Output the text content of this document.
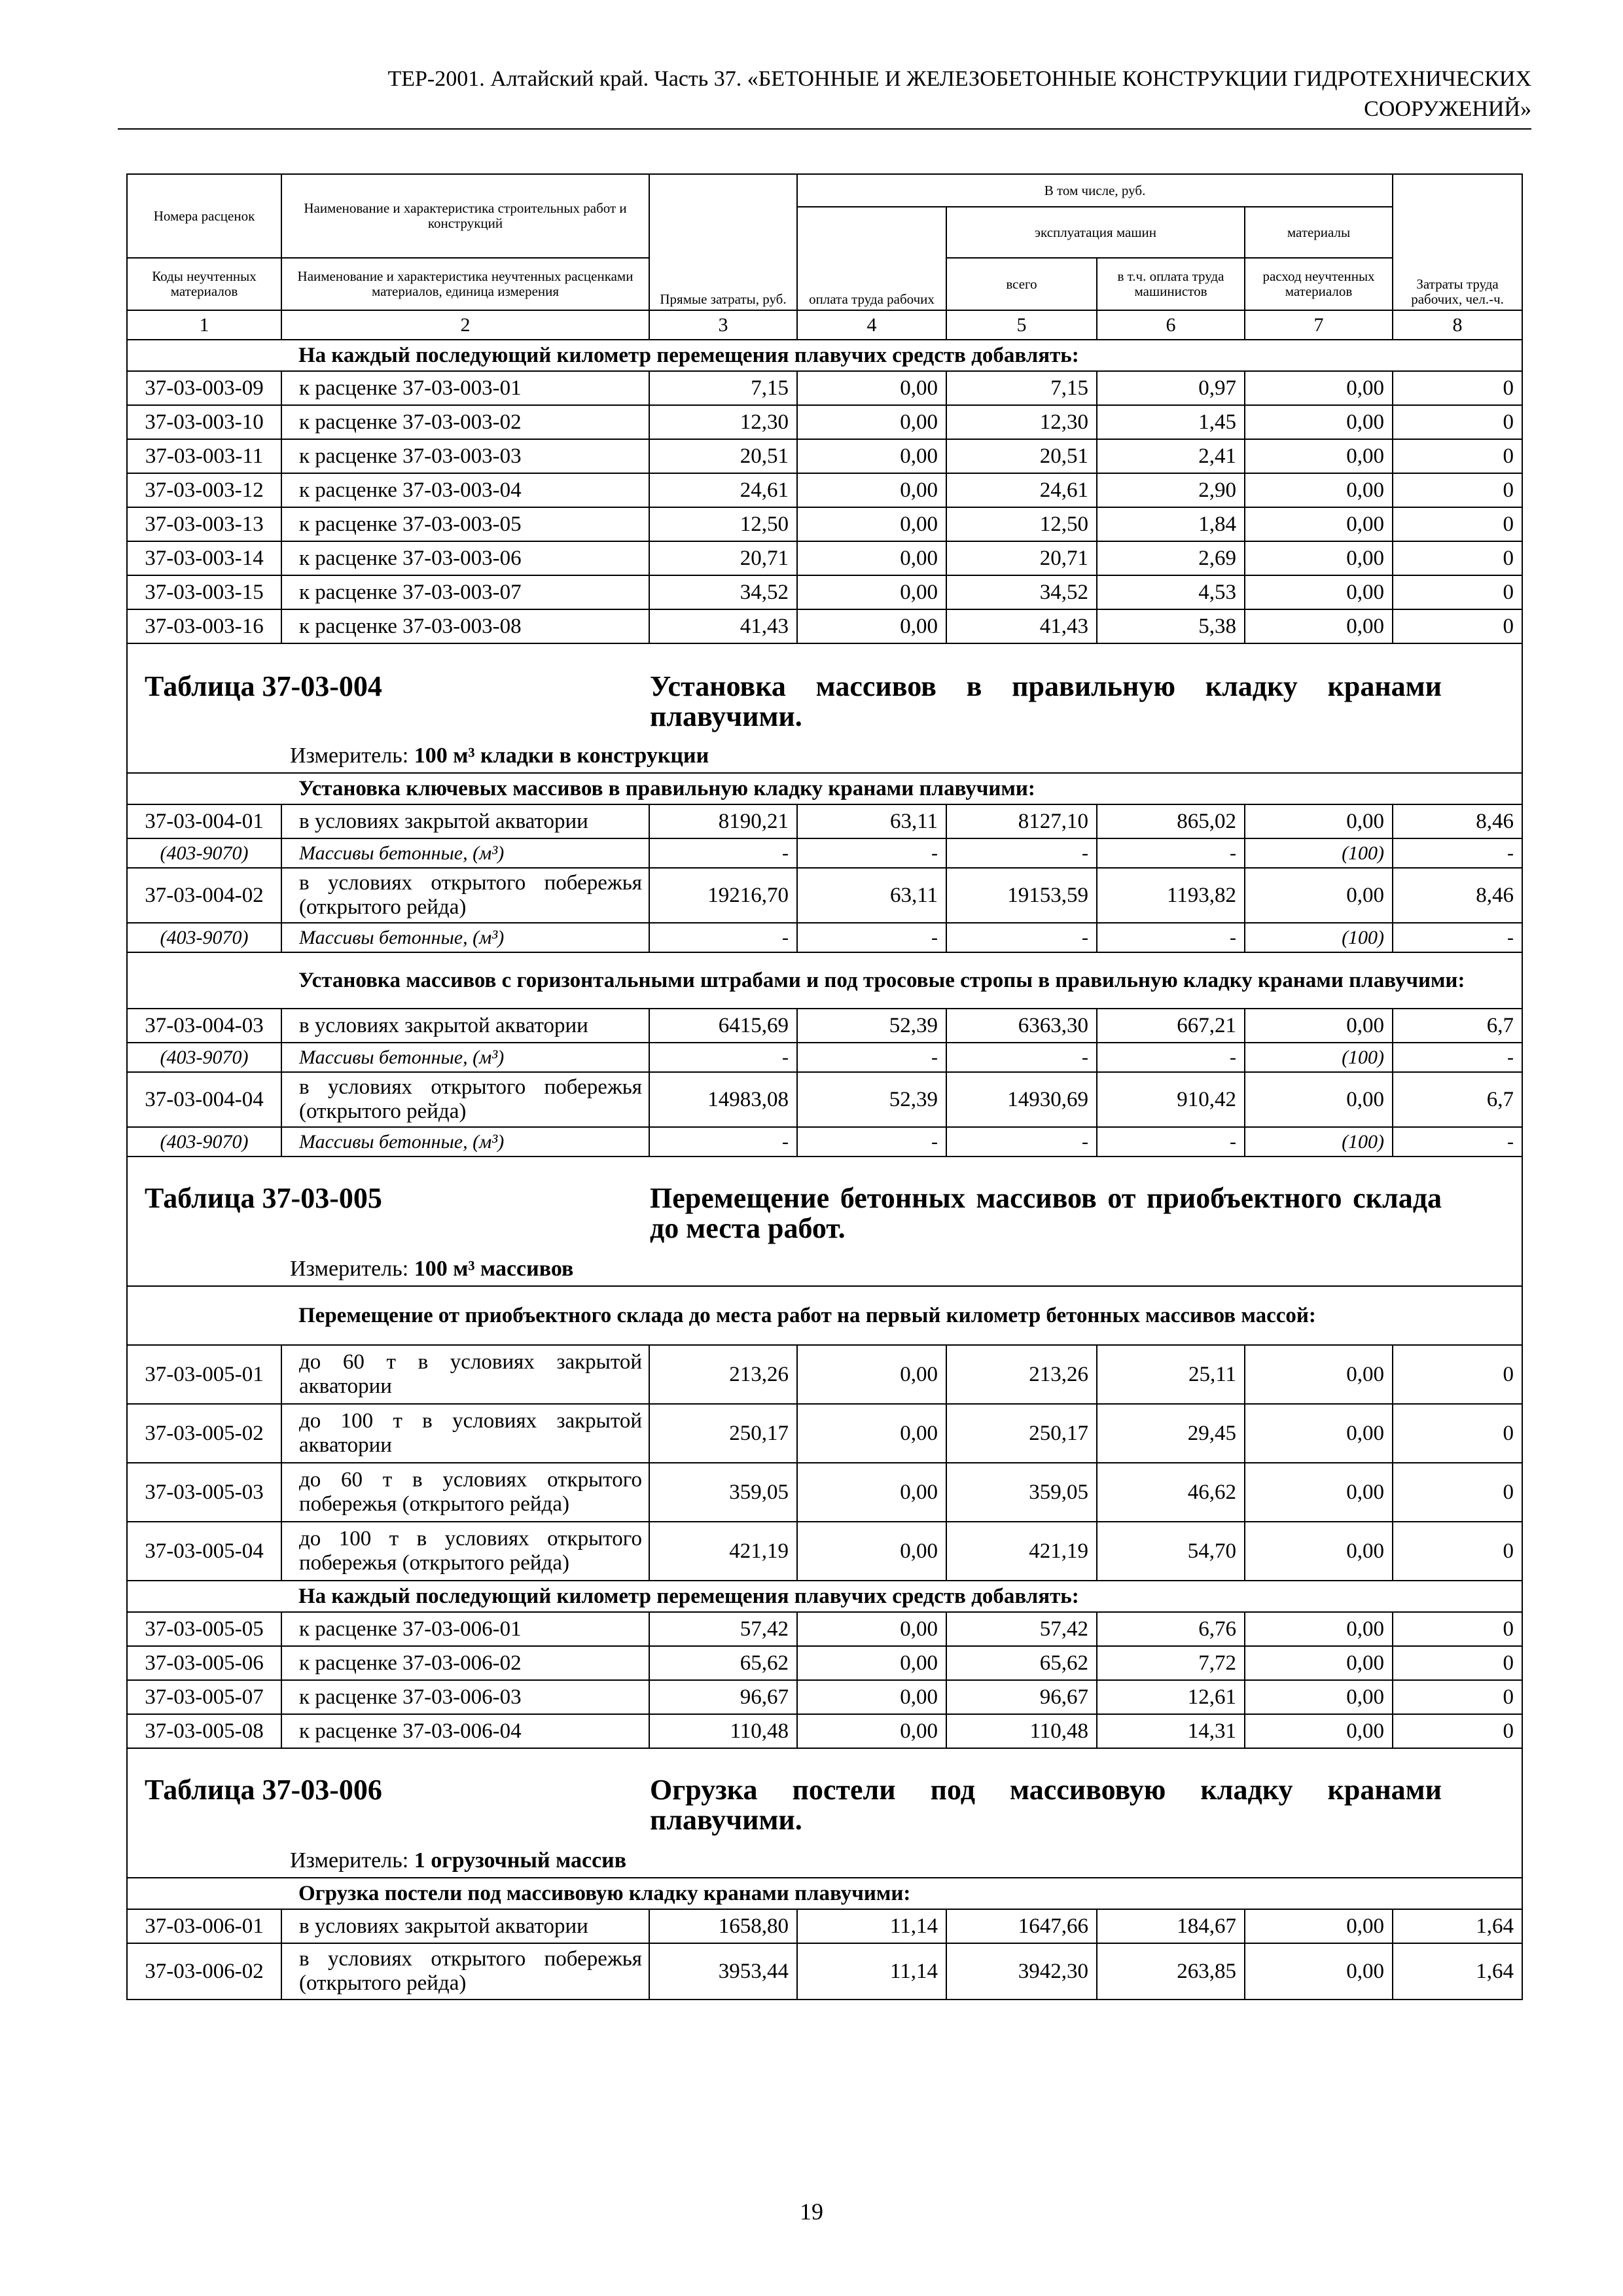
ТЕР-2001. Алтайский край. Часть 37. «БЕТОННЫЕ И ЖЕЛЕЗОБЕТОННЫЕ КОНСТРУКЦИИ ГИДРОТЕХНИЧЕСКИХ
СООРУЖЕНИЙ»
Номера расценок	Наименование и характеристика строительных работ и конструкций	Прямые затраты, руб.	В том числе, руб.				Затраты труда рабочих, чел.-ч.
			оплата труда рабочих	эксплуатация машин		материалы	
Коды неучтенных материалов	Наименование и характеристика неучтенных расценками материалов, единица измерения			всего	в т.ч. оплата труда машинистов	расход неучтенных материалов	

1	2	3	4	5	6	7	8
	На каждый последующий километр перемещения плавучих средств добавлять:						
37-03-003-09	к расценке 37-03-003-01	7,15	0,00	7,15	0,97	0,00	0
37-03-003-10	к расценке 37-03-003-02	12,30	0,00	12,30	1,45	0,00	0
37-03-003-11	к расценке 37-03-003-03	20,51	0,00	20,51	2,41	0,00	0
37-03-003-12	к расценке 37-03-003-04	24,61	0,00	24,61	2,90	0,00	0
37-03-003-13	к расценке 37-03-003-05	12,50	0,00	12,50	1,84	0,00	0
37-03-003-14	к расценке 37-03-003-06	20,71	0,00	20,71	2,69	0,00	0
37-03-003-15	к расценке 37-03-003-07	34,52	0,00	34,52	4,53	0,00	0
37-03-003-16	к расценке 37-03-003-08	41,43	0,00	41,43	5,38	0,00	0

Таблица 37-03-004 Установка массивов в правильную кладку кранами плавучими.
Измеритель: 100 м³ кладки в конструкции							

	Установка ключевых массивов в правильную кладку кранами плавучими:						
37-03-004-01	в условиях закрытой акватории	8190,21	63,11	8127,10	865,02	0,00	8,46
(403-9070)	Массивы бетонные, (м³)	-	-	-	-	(100)	-
37-03-004-02	в условиях открытого побережья (открытого рейда)	19216,70	63,11	19153,59	1193,82	0,00	8,46
(403-9070)	Массивы бетонные, (м³)	-	-	-	-	(100)	-
	Установка массивов с горизонтальными штрабами и под тросовые стропы в правильную кладку кранами плавучими:						
37-03-004-03	в условиях закрытой акватории	6415,69	52,39	6363,30	667,21	0,00	6,7
(403-9070)	Массивы бетонные, (м³)	-	-	-	-	(100)	-
37-03-004-04	в условиях открытого побережья (открытого рейда)	14983,08	52,39	14930,69	910,42	0,00	6,7
(403-9070)	Массивы бетонные, (м³)	-	-	-	-	(100)	-

Таблица 37-03-005 Перемещение бетонных массивов от приобъектного склада до места работ.
Измеритель: 100 м³ массивов							

	Перемещение от приобъектного склада до места работ на первый километр бетонных массивов массой:						
37-03-005-01	до 60 т в условиях закрытой акватории	213,26	0,00	213,26	25,11	0,00	0
37-03-005-02	до 100 т в условиях закрытой акватории	250,17	0,00	250,17	29,45	0,00	0
37-03-005-03	до 60 т в условиях открытого побережья (открытого рейда)	359,05	0,00	359,05	46,62	0,00	0
37-03-005-04	до 100 т в условиях открытого побережья (открытого рейда)	421,19	0,00	421,19	54,70	0,00	0
	На каждый последующий километр перемещения плавучих средств добавлять:						
37-03-005-05	к расценке 37-03-006-01	57,42	0,00	57,42	6,76	0,00	0
37-03-005-06	к расценке 37-03-006-02	65,62	0,00	65,62	7,72	0,00	0
37-03-005-07	к расценке 37-03-006-03	96,67	0,00	96,67	12,61	0,00	0
37-03-005-08	к расценке 37-03-006-04	110,48	0,00	110,48	14,31	0,00	0

Таблица 37-03-006 Огрузка постели под массивовую кладку кранами плавучими.
Измеритель: 1 огрузочный массив							

	Огрузка постели под массивовую кладку кранами плавучими:						
37-03-006-01	в условиях закрытой акватории	1658,80	11,14	1647,66	184,67	0,00	1,64
37-03-006-02	в условиях открытого побережья (открытого рейда)	3953,44	11,14	3942,30	263,85	0,00	1,64
19
